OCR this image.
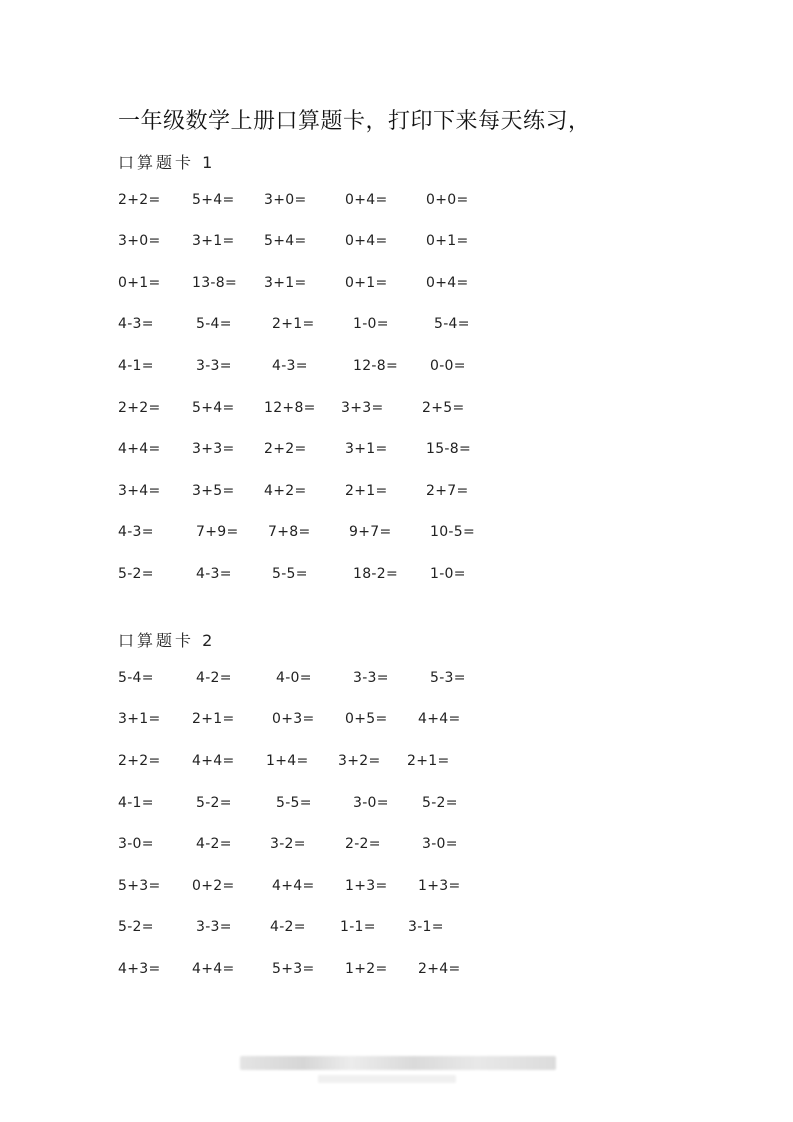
一年级数学上册口算题卡，打印下来每天练习，
口算题卡 1
2+2= 5+4= 3+0=	0+4=	0+0=
3+0= 3+1= 5+4=	0+4=	0+1=
0+1= 13-8= 3+1=	0+1=	0+4=
4-3=	5-4=	2+1=	1-0=	5-4=
4-1=	3-3=	4-3=	12-8= 0-0=
2+2= 5+4= 12+8= 3+3=	2+5=
4+4= 3+3= 2+2=	3+1=	15-8=
3+4= 3+5= 4+2=	2+1=	2+7=
4-3=	7+9= 7+8=	9+7=	10-5=
5-2=	4-3=	5-5=	18-2= 1-0=
口算题卡 2
5-4=	4-2=	4-0=	3-3=	5-3=
3+1= 2+1=	0+3= 0+5= 4+4=
2+2= 4+4= 1+4= 3+2= 2+1=
4-1=	5-2=	5-5=	3-0= 5-2=
3-0=	4-2=	3-2=	2-2=	3-0=
5+3= 0+2=	4+4= 1+3= 1+3=
5-2=	3-3=	4-2= 1-1= 3-1=
4+3= 4+4=	5+3= 1+2= 2+4=
